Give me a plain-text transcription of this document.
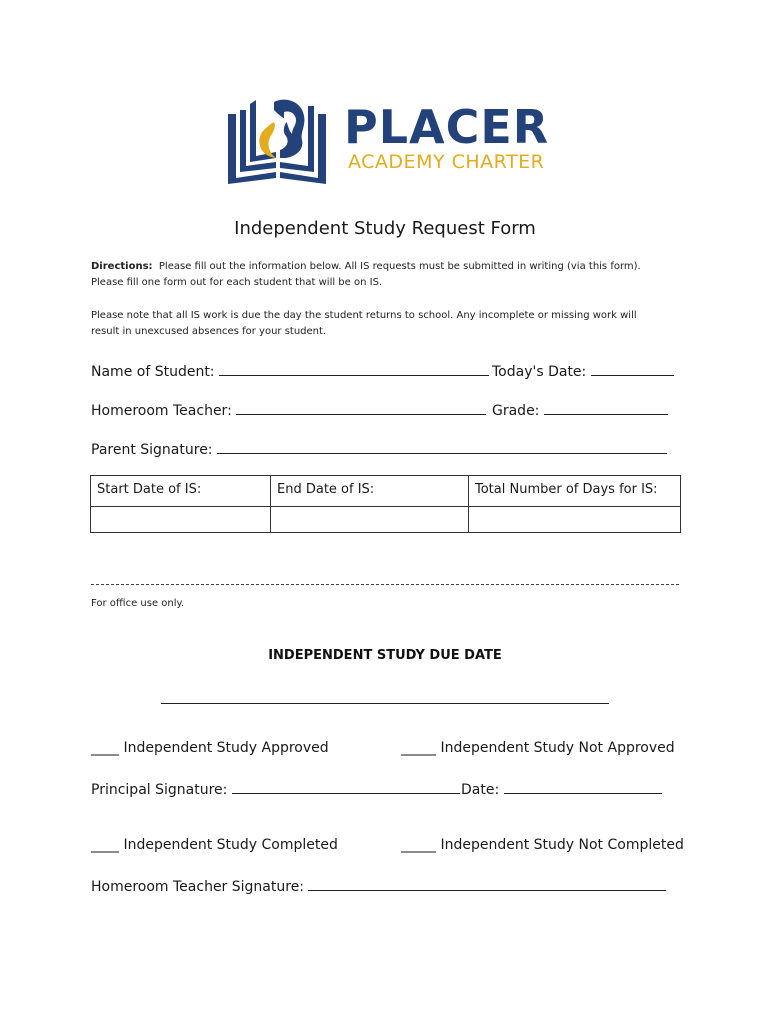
PLACER
ACADEMY CHARTER
Independent Study Request Form
Directions: Please fill out the information below. All IS requests must be submitted in writing (via this form).
Please fill one form out for each student that will be on IS.
Please note that all IS work is due the day the student returns to school. Any incomplete or missing work will
result in unexcused absences for your student.
Name of Student:	Today's Date:
Homeroom Teacher:	Grade:
Parent Signature:
Start Date of IS:	End Date of IS:	Total Number of Days for IS:

For office use only.
INDEPENDENT STUDY DUE DATE
____ Independent Study Approved	_____ Independent Study Not Approved
Principal Signature:	Date:
____ Independent Study Completed	_____ Independent Study Not Completed
Homeroom Teacher Signature:
